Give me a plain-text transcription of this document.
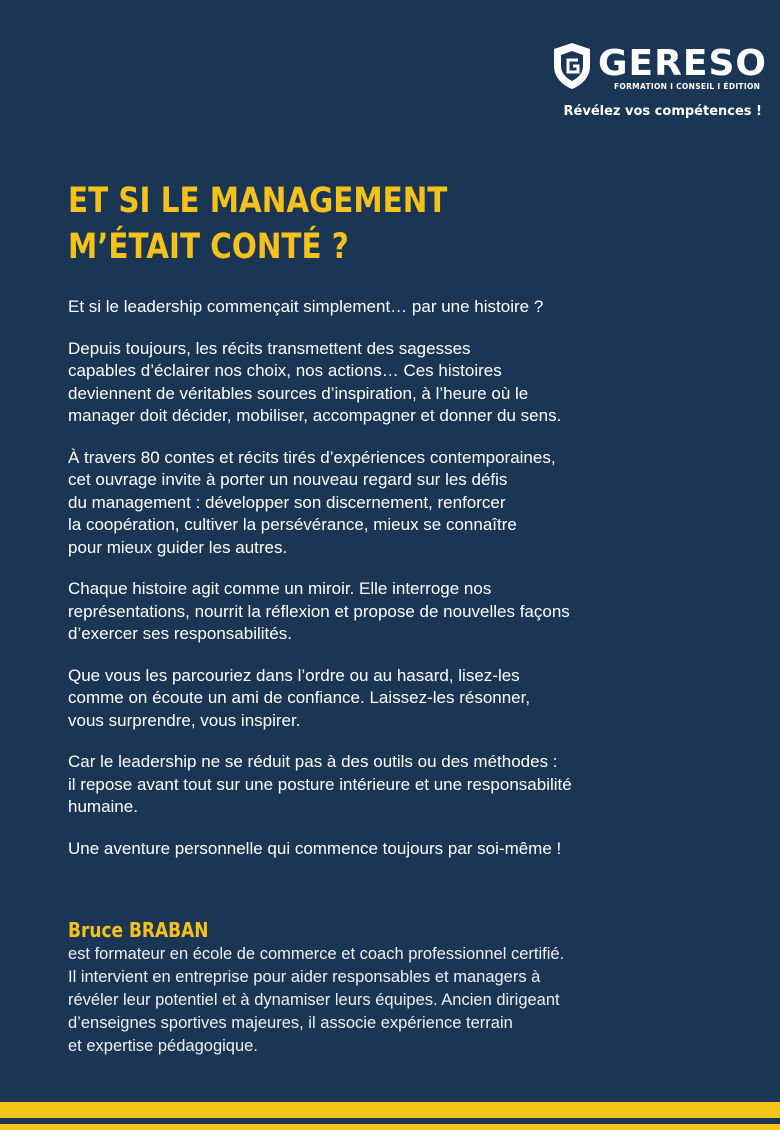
GERESO
FORMATION I CONSEIL I ÉDITION
Révélez vos compétences !
ET SI LE MANAGEMENT
M’ÉTAIT CONTÉ ?

Et si le leadership commençait simplement… par une histoire ?

Depuis toujours, les récits transmettent des sagesses
capables d’éclairer nos choix, nos actions… Ces histoires
deviennent de véritables sources d’inspiration, à l’heure où le
manager doit décider, mobiliser, accompagner et donner du sens.

À travers 80 contes et récits tirés d’expériences contemporaines,
cet ouvrage invite à porter un nouveau regard sur les défis
du management : développer son discernement, renforcer
la coopération, cultiver la persévérance, mieux se connaître
pour mieux guider les autres.

Chaque histoire agit comme un miroir. Elle interroge nos
représentations, nourrit la réflexion et propose de nouvelles façons
d’exercer ses responsabilités.

Que vous les parcouriez dans l’ordre ou au hasard, lisez-les
comme on écoute un ami de confiance. Laissez-les résonner,
vous surprendre, vous inspirer.

Car le leadership ne se réduit pas à des outils ou des méthodes :
il repose avant tout sur une posture intérieure et une responsabilité
humaine.

Une aventure personnelle qui commence toujours par soi-même !

Bruce BRABAN
est formateur en école de commerce et coach professionnel certifié.
Il intervient en entreprise pour aider responsables et managers à
révéler leur potentiel et à dynamiser leurs équipes. Ancien dirigeant
d’enseignes sportives majeures, il associe expérience terrain
et expertise pédagogique.
